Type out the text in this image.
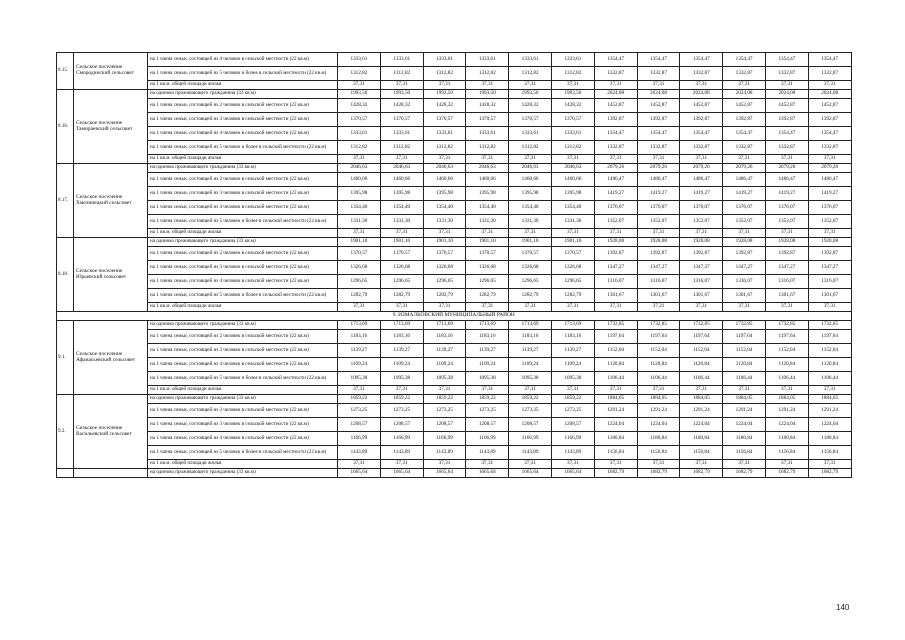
8.15.	Сельское поселение Смородинский сельсовет	на 1 члена семьи, состоящей из 4 человек в сельской местности (22 кв.м)	1333,61	1333,61	1333,61	1333,61	1333,61	1333,61	1354,47	1354,47	1354,47	1354,47	1354,47	1354,47
		на 1 члена семьи, состоящей из 5 человек и более в сельской местности (22 кв.м)	1312,82	1312,82	1312,82	1312,82	1312,82	1312,82	1332,87	1332,87	1332,87	1332,87	1332,87	1332,87
		на 1 кв.м. общей площади жилья	37,31	37,31	37,31	37,31	37,31	37,31	37,31	37,31	37,31	37,31	37,31	37,31
8.16.	Сельское поселение Тамираевский сельсовет	на одиноко проживающего гражданина (33 кв.м)	1993,50	1993,50	1993,50	1993,50	1993,50	1993,50	2024,08	2024,08	2024,08	2024,08	2024,08	2024,08
		на 1 члена семьи, состоящей из 2 человек в сельской местности (22 кв.м)	1428,32	1428,32	1428,32	1428,32	1428,32	1428,32	1452,87	1452,87	1452,87	1452,87	1452,87	1452,87
		на 1 члена семьи, состоящей из 3 человек в сельской местности (22 кв.м)	1370,57	1370,57	1370,57	1370,57	1370,57	1370,57	1392,87	1392,87	1392,87	1392,87	1392,87	1392,87
		на 1 члена семьи, состоящей из 4 человек в сельской местности (22 кв.м)	1333,61	1333,61	1333,61	1333,61	1333,61	1333,61	1354,47	1354,47	1354,47	1354,47	1354,47	1354,47
		на 1 члена семьи, состоящей из 5 человек и более в сельской местности (22 кв.м)	1312,82	1312,82	1312,82	1312,82	1312,82	1312,82	1332,87	1332,87	1332,87	1332,87	1332,87	1332,87
		на 1 кв.м. общей площади жилья	37,31	37,31	37,31	37,31	37,31	37,31	37,31	37,31	37,31	37,31	37,31	37,31
8.17.	Сельское поселение Хмелинецкий сельсовет	на одиноко проживающего гражданина (33 кв.м)	2046,63	2046,63	2046,63	2046,63	2046,63	2046,63	2079,26	2079,26	2079,26	2079,26	2079,26	2079,26
		на 1 члена семьи, состоящей из 2 человек в сельской местности (22 кв.м)	1460,66	1460,66	1460,66	1460,66	1460,66	1460,66	1486,47	1486,47	1486,47	1486,47	1486,47	1486,47
		на 1 члена семьи, состоящей из 3 человек в сельской местности (22 кв.м)	1395,98	1395,98	1395,98	1395,98	1395,98	1395,98	1419,27	1419,27	1419,27	1419,27	1419,27	1419,27
		на 1 члена семьи, состоящей из 4 человек в сельской местности (22 кв.м)	1354,40	1354,40	1354,40	1354,40	1354,40	1354,40	1376,07	1376,07	1376,07	1376,07	1376,07	1376,07
		на 1 члена семьи, состоящей из 5 человек и более в сельской местности (22 кв.м)	1331,30	1331,30	1331,30	1331,30	1331,30	1331,30	1352,07	1352,07	1352,07	1352,07	1352,07	1352,07
		на 1 кв.м. общей площади жилья	37,31	37,31	37,31	37,31	37,31	37,31	37,31	37,31	37,31	37,31	37,31	37,31
8.18.	Сельское поселение Юрьевский сельсовет	на одиноко проживающего гражданина (33 кв.м)	1901,10	1901,10	1901,10	1901,10	1901,10	1901,10	1928,08	1928,08	1928,08	1928,08	1928,08	1928,08
		на 1 члена семьи, состоящей из 2 человек в сельской местности (22 кв.м)	1370,57	1370,57	1370,57	1370,57	1370,57	1370,57	1392,87	1392,87	1392,87	1392,87	1392,87	1392,87
		на 1 члена семьи, состоящей из 3 человек в сельской местности (22 кв.м)	1326,68	1326,68	1326,68	1326,68	1326,68	1326,68	1347,27	1347,27	1347,27	1347,27	1347,27	1347,27
		на 1 члена семьи, состоящей из 4 человек в сельской местности (22 кв.м)	1296,65	1296,65	1296,65	1296,65	1296,65	1296,65	1316,07	1316,07	1316,07	1316,07	1316,07	1316,07
		на 1 члена семьи, состоящей из 5 человек и более в сельской местности (22 кв.м)	1282,79	1282,79	1282,79	1282,79	1282,79	1282,79	1301,67	1301,67	1301,67	1301,67	1301,67	1301,67
		на 1 кв.м. общей площади жилья	37,31	37,31	37,31	37,31	37,31	37,31	37,31	37,31	37,31	37,31	37,31	37,31
9. ИЗМАЛКОВСКИЙ МУНИЦИПАЛЬНЫЙ РАЙОН														
9.1.	Сельское поселение Афанасьевский сельсовет	на одиноко проживающего гражданина (33 кв.м)	1713,69	1713,69	1713,69	1713,69	1713,69	1713,69	1732,85	1732,85	1732,85	1732,85	1732,85	1732,85
		на 1 члена семьи, состоящей из 2 человек в сельской местности (22 кв.м)	1183,16	1183,16	1183,16	1183,16	1183,16	1183,16	1197,64	1197,64	1197,64	1197,64	1197,64	1197,64
		на 1 члена семьи, состоящей из 3 человек в сельской местности (22 кв.м)	1139,27	1139,27	1139,27	1139,27	1139,27	1139,27	1152,04	1152,04	1152,04	1152,04	1152,04	1152,04
		на 1 члена семьи, состоящей из 4 человек в сельской местности (22 кв.м)	1109,24	1109,24	1109,24	1109,24	1109,24	1109,24	1120,84	1120,84	1120,84	1120,84	1120,84	1120,84
		на 1 члена семьи, состоящей из 5 человек и более в сельской местности (22 кв.м)	1095,38	1095,38	1095,38	1095,38	1095,38	1095,38	1106,44	1106,44	1106,44	1106,44	1106,44	1106,44
		на 1 кв.м. общей площади жилья	37,31	37,31	37,31	37,31	37,31	37,31	37,31	37,31	37,31	37,31	37,31	37,31
9.2.	Сельское поселение Васильевский сельсовет	на одиноко проживающего гражданина (33 кв.м)	1859,22	1859,22	1859,22	1859,22	1859,22	1859,22	1884,05	1884,05	1884,05	1884,05	1884,05	1884,05
		на 1 члена семьи, состоящей из 2 человек в сельской местности (22 кв.м)	1273,25	1273,25	1273,25	1273,25	1273,25	1273,25	1291,24	1291,24	1291,24	1291,24	1291,24	1291,24
		на 1 члена семьи, состоящей из 3 человек в сельской местности (22 кв.м)	1208,57	1208,57	1208,57	1208,57	1208,57	1208,57	1224,04	1224,04	1224,04	1224,04	1224,04	1224,04
		на 1 члена семьи, состоящей из 4 человек в сельской местности (22 кв.м)	1166,99	1166,99	1166,99	1166,99	1166,99	1166,99	1180,84	1180,84	1180,84	1180,84	1180,84	1180,84
		на 1 члена семьи, состоящей из 5 человек и более в сельской местности (22 кв.м)	1143,89	1143,89	1143,89	1143,89	1143,89	1143,89	1156,84	1156,84	1156,84	1156,84	1156,84	1156,84
		на 1 кв.м. общей площади жилья	37,31	37,31	37,31	37,31	37,31	37,31	37,31	37,31	37,31	37,31	37,31	37,31
		на одиноко проживающего гражданина (33 кв.м)	1665,64	1665,64	1665,64	1665,64	1665,64	1665,64	1682,79	1682,79	1682,79	1682,79	1682,79	1682,79
140
